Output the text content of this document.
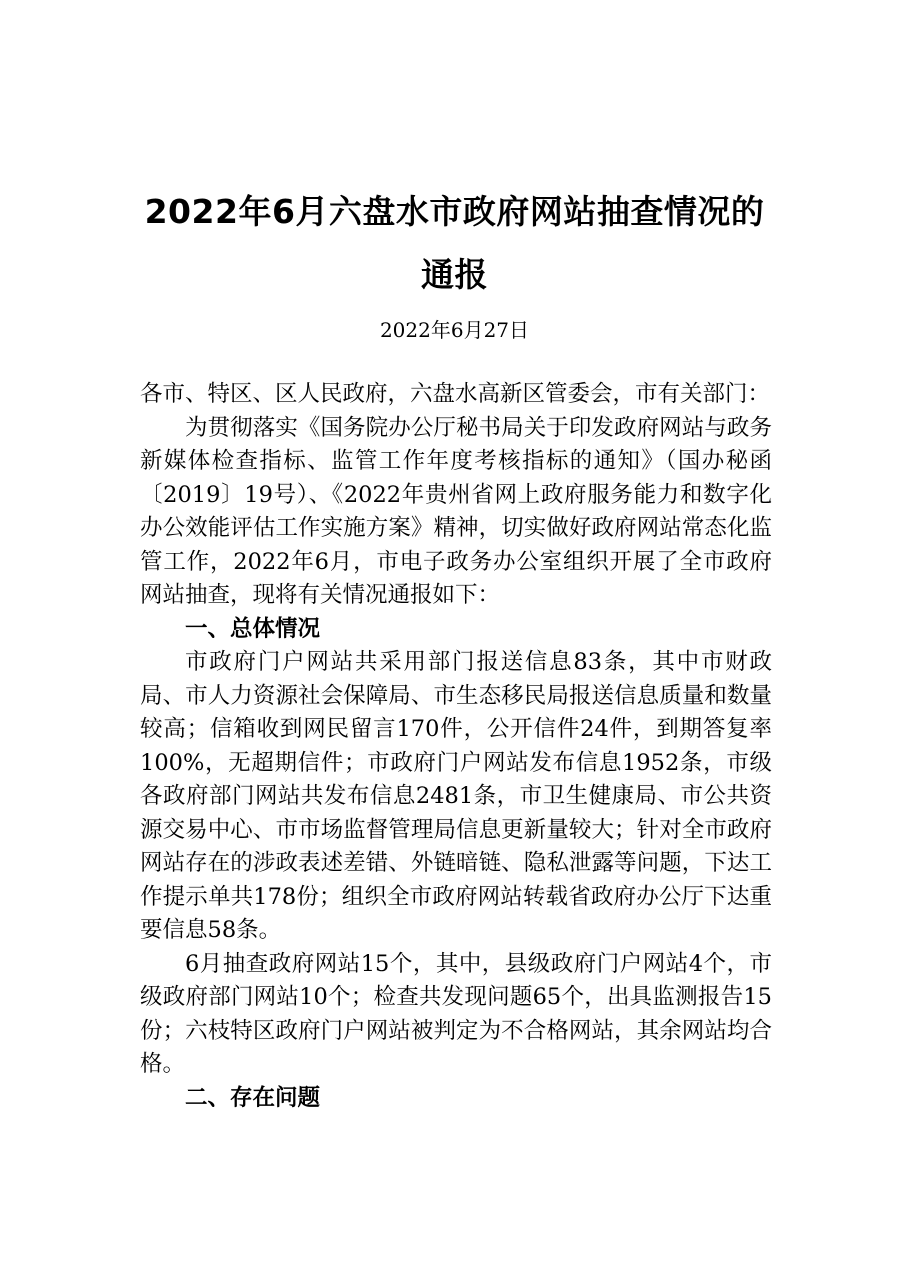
2022年6月六盘水市政府网站抽查情况的
通报
2022年6月27日

各市、特区、区人民政府，六盘水高新区管委会，市有关部门：

为贯彻落实《国务院办公厅秘书局关于印发政府网站与政务新媒体检查指标、监管工作年度考核指标的通知》（国办秘函〔2019〕19号）、《2022年贵州省网上政府服务能力和数字化办公效能评估工作实施方案》精神，切实做好政府网站常态化监管工作，2022年6月，市电子政务办公室组织开展了全市政府网站抽查，现将有关情况通报如下：

一、总体情况

市政府门户网站共采用部门报送信息83条，其中市财政局、市人力资源社会保障局、市生态移民局报送信息质量和数量较高；信箱收到网民留言170件，公开信件24件，到期答复率100%，无超期信件；市政府门户网站发布信息1952条，市级各政府部门网站共发布信息2481条，市卫生健康局、市公共资源交易中心、市市场监督管理局信息更新量较大；针对全市政府网站存在的涉政表述差错、外链暗链、隐私泄露等问题，下达工作提示单共178份；组织全市政府网站转载省政府办公厅下达重要信息58条。

6月抽查政府网站15个，其中，县级政府门户网站4个，市级政府部门网站10个；检查共发现问题65个，出具监测报告15份；六枝特区政府门户网站被判定为不合格网站，其余网站均合格。

二、存在问题
